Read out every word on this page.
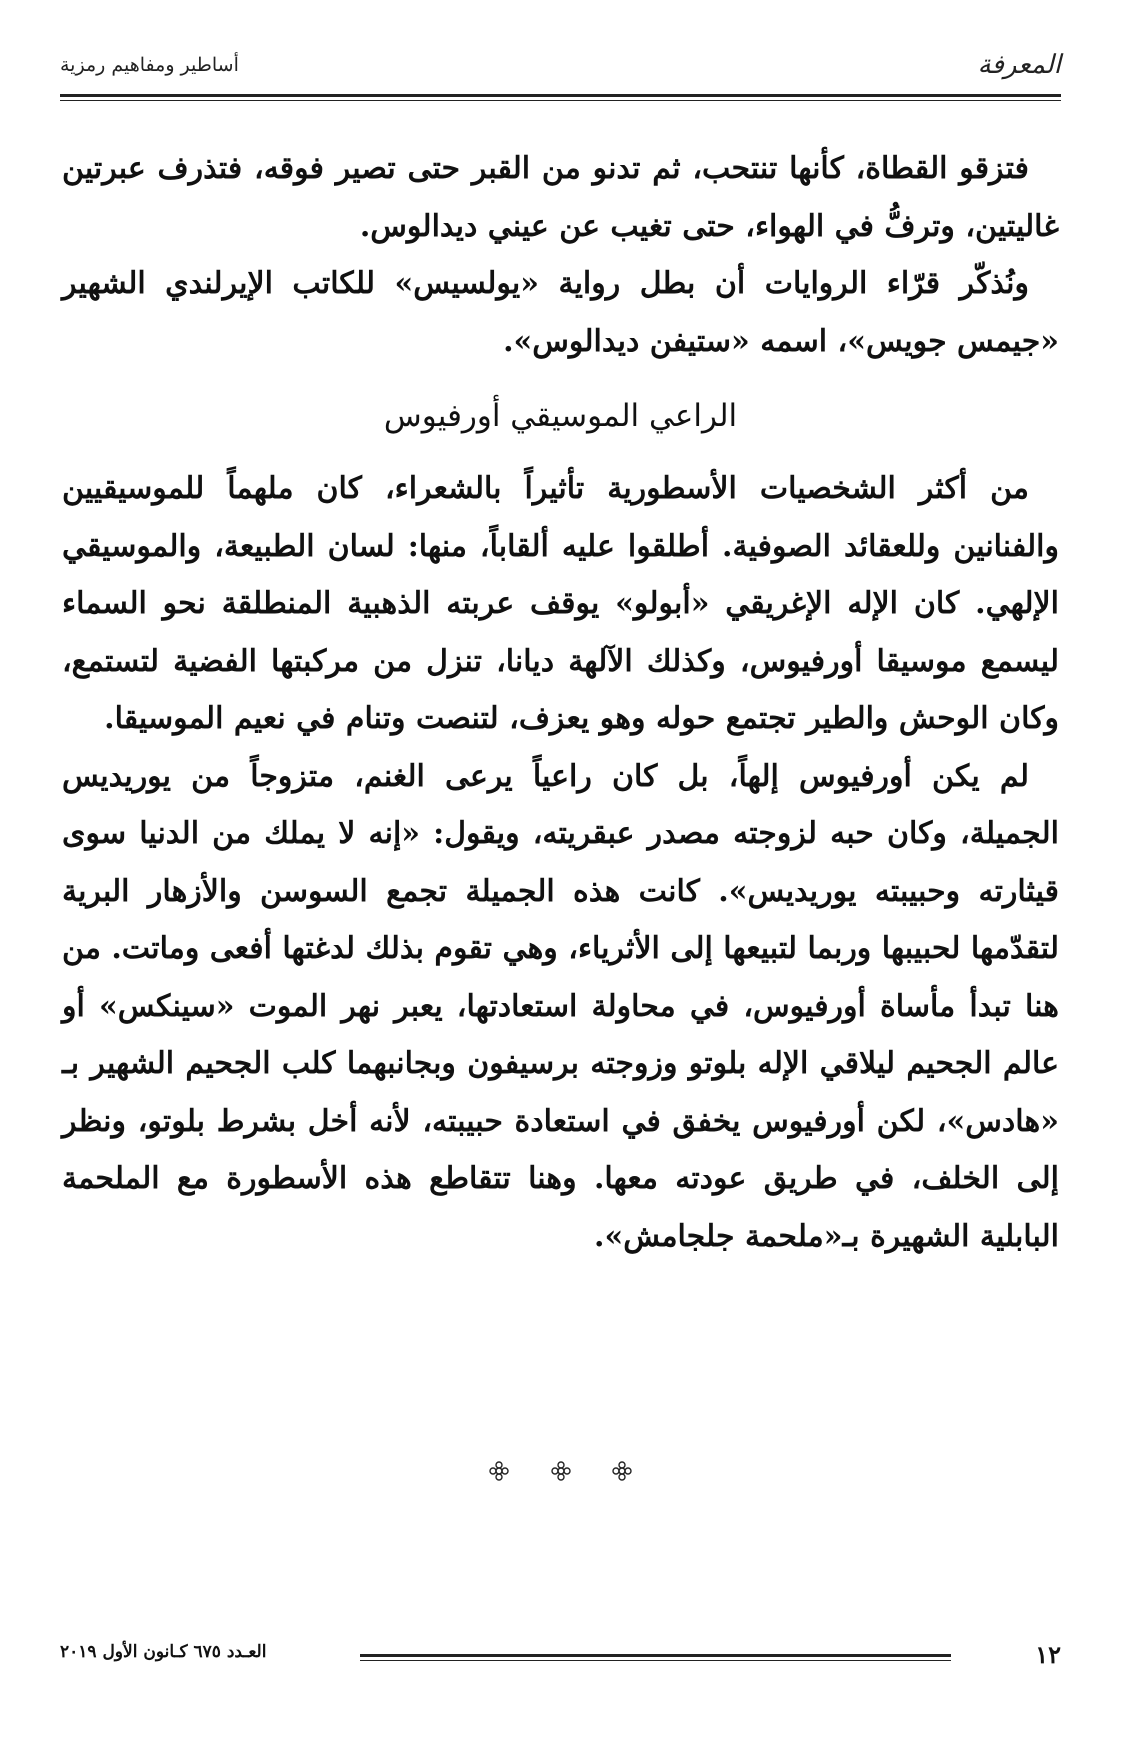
المعرفة
أساطير ومفاهيم رمزية

فتزقو القطاة، كأنها تنتحب، ثم تدنو من القبر حتى تصير فوقه، فتذرف عبرتين غاليتين، وترفُّ في الهواء، حتى تغيب عن عيني ديدالوس.

ونُذكّر قرّاء الروايات أن بطل رواية «يولسيس» للكاتب الإيرلندي الشهير «جيمس جويس»، اسمه «ستيفن ديدالوس».

الراعي الموسيقي أورفيوس

من أكثر الشخصيات الأسطورية تأثيراً بالشعراء، كان ملهماً للموسيقيين والفنانين وللعقائد الصوفية. أطلقوا عليه ألقاباً، منها: لسان الطبيعة، والموسيقي الإلهي. كان الإله الإغريقي «أبولو» يوقف عربته الذهبية المنطلقة نحو السماء ليسمع موسيقا أورفيوس، وكذلك الآلهة ديانا، تنزل من مركبتها الفضية لتستمع، وكان الوحش والطير تجتمع حوله وهو يعزف، لتنصت وتنام في نعيم الموسيقا.

لم يكن أورفيوس إلهاً، بل كان راعياً يرعى الغنم، متزوجاً من يوريديس الجميلة، وكان حبه لزوجته مصدر عبقريته، ويقول: «إنه لا يملك من الدنيا سوى قيثارته وحبيبته يوريديس». كانت هذه الجميلة تجمع السوسن والأزهار البرية لتقدّمها لحبيبها وربما لتبيعها إلى الأثرياء، وهي تقوم بذلك لدغتها أفعى وماتت. من هنا تبدأ مأساة أورفيوس، في محاولة استعادتها، يعبر نهر الموت «سينكس» أو عالم الجحيم ليلاقي الإله بلوتو وزوجته برسيفون وبجانبهما كلب الجحيم الشهير بـ «هادس»، لكن أورفيوس يخفق في استعادة حبيبته، لأنه أخل بشرط بلوتو، ونظر إلى الخلف، في طريق عودته معها. وهنا تتقاطع هذه الأسطورة مع الملحمة البابلية الشهيرة بـ«ملحمة جلجامش».

١٢
العـدد ٦٧٥ كـانون الأول ٢٠١٩
